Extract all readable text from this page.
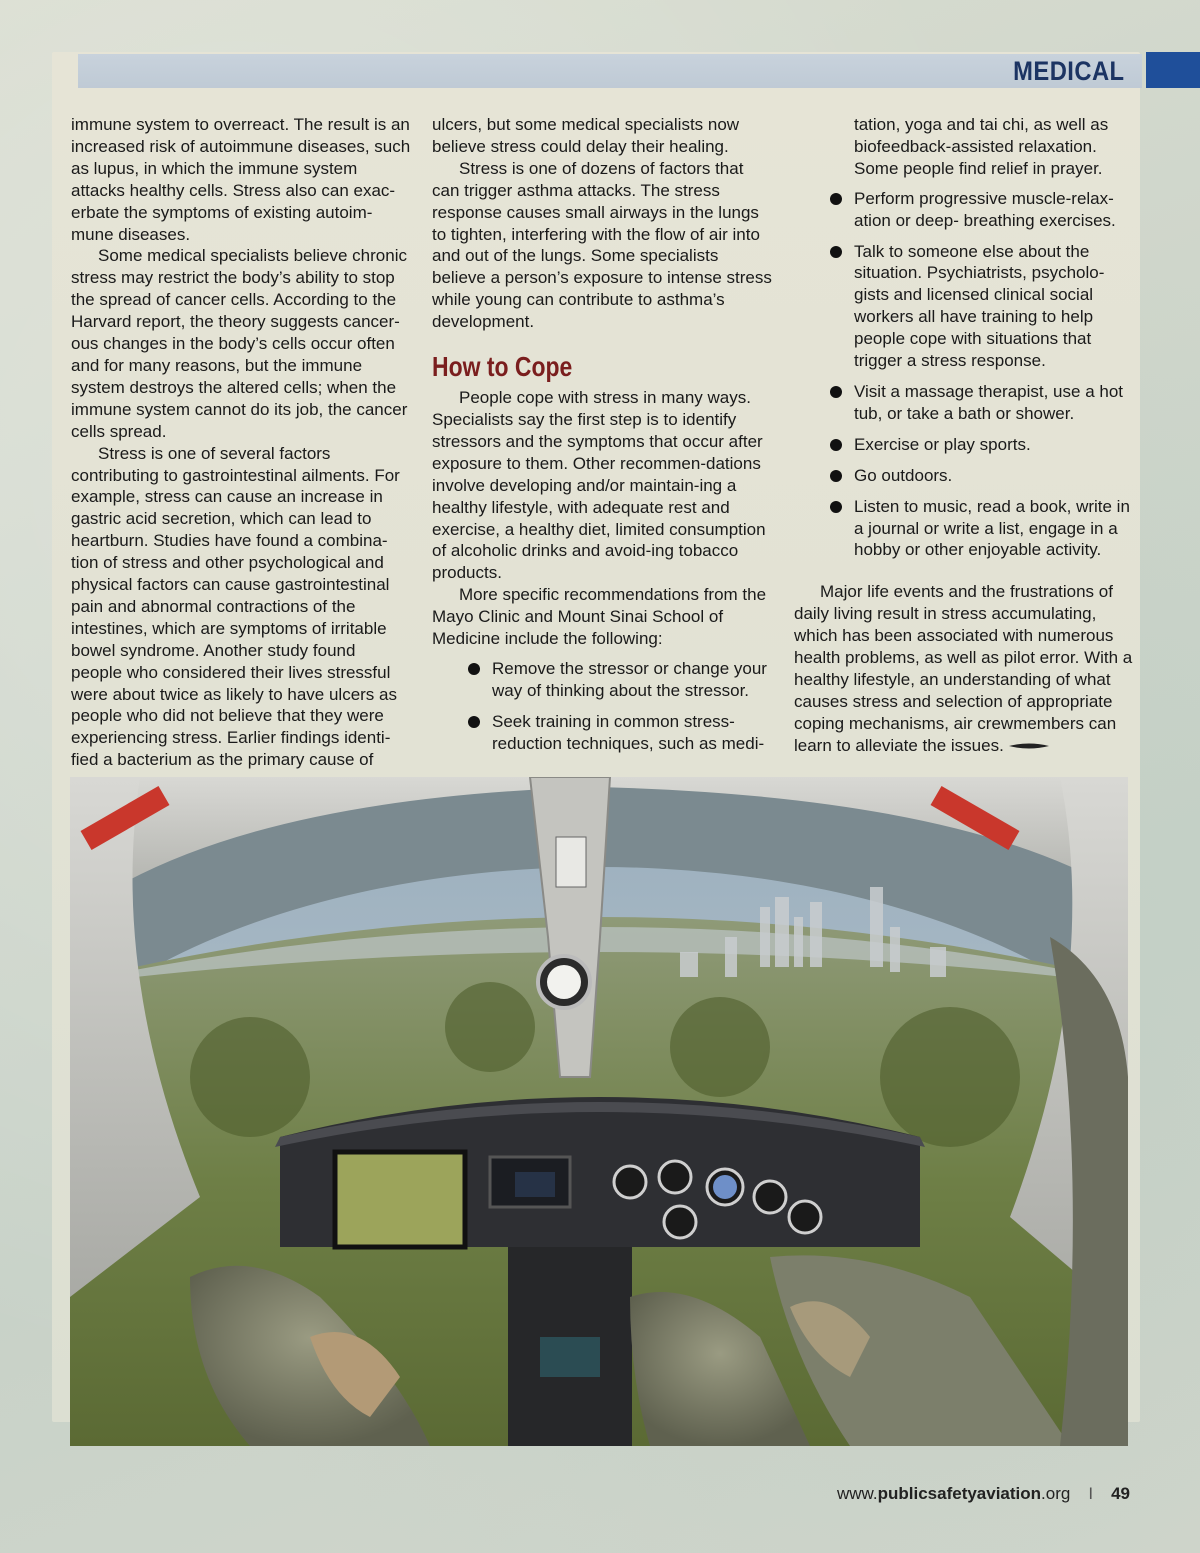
MEDICAL

immune system to overreact. The result is an increased risk of autoimmune diseases, such as lupus, in which the immune system attacks healthy cells. Stress also can exac-erbate the symptoms of existing autoim-mune diseases.

Some medical specialists believe chronic stress may restrict the body’s ability to stop the spread of cancer cells. According to the Harvard report, the theory suggests cancer-ous changes in the body’s cells occur often and for many reasons, but the immune system destroys the altered cells; when the immune system cannot do its job, the cancer cells spread.

Stress is one of several factors contributing to gastrointestinal ailments. For example, stress can cause an increase in gastric acid secretion, which can lead to heartburn. Studies have found a combina-tion of stress and other psychological and physical factors can cause gastrointestinal pain and abnormal contractions of the intestines, which are symptoms of irritable bowel syndrome. Another study found people who considered their lives stressful were about twice as likely to have ulcers as people who did not believe that they were experiencing stress. Earlier findings identi-fied a bacterium as the primary cause of

ulcers, but some medical specialists now believe stress could delay their healing.

Stress is one of dozens of factors that can trigger asthma attacks. The stress response causes small airways in the lungs to tighten, interfering with the flow of air into and out of the lungs. Some specialists believe a person’s exposure to intense stress while young can contribute to asthma’s development.

How to Cope

People cope with stress in many ways. Specialists say the first step is to identify stressors and the symptoms that occur after exposure to them. Other recommen-dations involve developing and/or maintain-ing a healthy lifestyle, with adequate rest and exercise, a healthy diet, limited consumption of alcoholic drinks and avoid-ing tobacco products.

More specific recommendations from the Mayo Clinic and Mount Sinai School of Medicine include the following:

Remove the stressor or change your way of thinking about the stressor.
Seek training in common stress-reduction techniques, such as medi-

tation, yoga and tai chi, as well as biofeedback-assisted relaxation. Some people find relief in prayer.

Perform progressive muscle-relax-ation or deep- breathing exercises.
Talk to someone else about the situation. Psychiatrists, psycholo-gists and licensed clinical social workers all have training to help people cope with situations that trigger a stress response.
Visit a massage therapist, use a hot tub, or take a bath or shower.
Exercise or play sports.
Go outdoors.
Listen to music, read a book, write in a journal or write a list, engage in a hobby or other enjoyable activity.

Major life events and the frustrations of daily living result in stress accumulating, which has been associated with numerous health problems, as well as pilot error. With a healthy lifestyle, an understanding of what causes stress and selection of appropriate coping mechanisms, air crewmembers can learn to alleviate the issues.

www.publicsafetyaviation.org I 49
